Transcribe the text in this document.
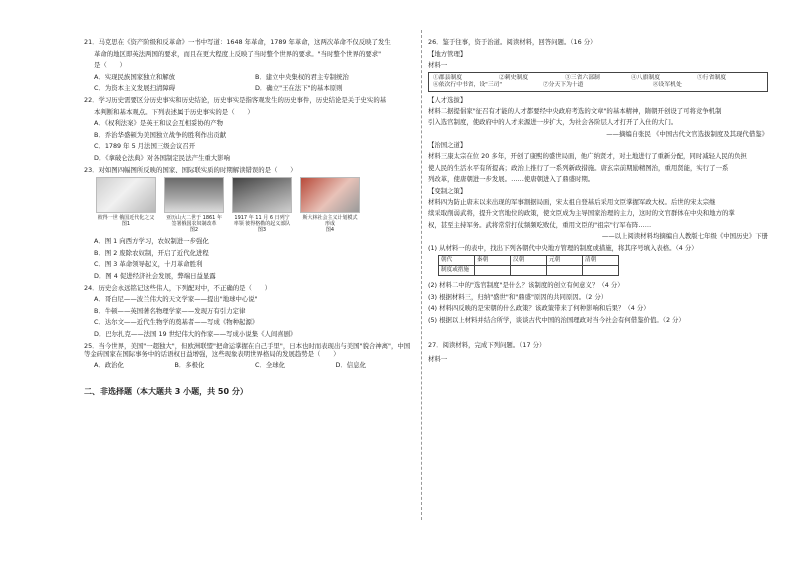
21．马克思在《资产阶级和反革命》一书中写道：1648 年革命，1789 年革命，这两次革命不仅反映了发生
革命的地区即英法两国的要求，而且在更大程度上反映了当时整个世界的要求。"当时整个世界的要求"
是（　　）
A．实现民族国家独立和解放	B．建立中央集权的君主专制统治
C．为资本主义发展扫清障碍	D．确立"王在法下"的基本原则
22．学习历史需要区分历史事实和历史结论，历史事实是指客观发生的历史事件，历史结论是关于史实的基
本判断和基本观点。下列表述属于历史事实的是（　　）
A．《权利法案》是英王和议会互相妥协的产物
B．乔治华盛顿为美国独立战争的胜利作出贡献
C．1789 年 5 月法国三级会议召开
D．《拿破仑法典》对各国制定民法产生重大影响
23．对如图四幅图所反映的国家、国际联实质的时期解读错误的是（　　）
彼得一世 俄国近代化之父
图1
亚历山大二世于 1861 年 签署俄国农奴制改革
图2
1917 年 11 月 6 日列宁率领 彼得格勒的起义部队
图3
斯大林社会主义计划模式 形成
图4
A．图 1 向西方学习，农奴制进一步强化
B．图 2 废除农奴制，开启了近代化进程
C．图 3 革命领导起义，十月革命胜利
D．图 4 促进经济社会发展，弊端日益显露
24．历史会永远铭记这些伟人，下列配对中，不正确的是（　　）
A．哥白尼——波兰伟大的天文学家——提出"地球中心说"
B．牛顿——英国著名物理学家——发现万有引力定律
C．达尔文——近代生物学的奠基者——写成《物种起源》
D．巴尔扎克——法国 19 世纪伟大的作家——写成小说集《人间喜剧》
25．当今世界，美国"一超独大"，但欧洲联盟"把命运掌握在自己手里"，日本也时而表现出与美国"貌合神离"，中国等金砖国家在国际事务中的话语权日益增强，这些现象表明世界格局的发展趋势是（　　）
A．政治化	B．多极化	C．全球化	D．信息化
二、非选择题（本大题共 3 小题，共 50 分）
26．鉴于往事，资于治道。阅读材料，回答问题。（16 分）
【地方管理】
材料一
①郡县制度	②刺史制度	③三省六部制	④八旗制度	⑤行省制度
⑥依次行中书省，设"三司"	⑦分天下为十道	⑧设军机处
【人才选拔】
材料二据提倡家"征召有才能的人才都要经中央政府考选的文章"的基本精神，隋朝开创设了可将竞争机制
引入选官制度，使政府中的人才来源进一步扩大，为社会各阶层人才打开了入仕的大门。
——摘编自张民 《中国古代文官选拔制度及其现代借鉴》
【治国之道】
材料三康太宗在位 20 多年，开创了康熙的盛世局面，他广纳贤才，对土地进行了重新分配，同时减轻人民的负担
使人民的生活水平有所提高；政治上推行了一系列新政措施。唐玄宗前期励精图治，重用贤能，实行了一系
列改革，使唐朝进一步发展。……使唐朝进入了鼎盛时期。
【变制之策】
材料四为防止唐末以来出现的军事割据局面，宋太祖自登基后采用文臣掌握军政大权。后世的宋太宗继
续采取削弱武将，提升文官地位的政策，使文臣成为主导国家治理的主力，这时的文官群体在中央和地方的掌
权，甚至主持军务。武将常常打仗频频吃败仗，重用文臣的"祖宗"行军布阵……
——以上阅读材料均摘编自人教版七年级《中国历史》下册
(1) 从材料一的表中，找出下列各朝代中央地方管理的制度或措施，将其序号填入表格。（4 分）
朝代	秦朝	汉朝	元朝	清朝
制度或措施				
(2) 材料二中的"选官制度"是什么？该制度的创立有何意义？（4 分）
(3) 根据材料三，归纳"盛世"和"鼎盛"原因的共同原因。（2 分）
(4) 材料四反映的是宋朝的什么政策？该政策带来了何种影响和后果？（4 分）
(5) 根据以上材料并结合所学，谈谈古代中国的治国理政对当今社会有何借鉴价值。（2 分）
27．阅读材料，完成下列问题。（17 分）
材料一
